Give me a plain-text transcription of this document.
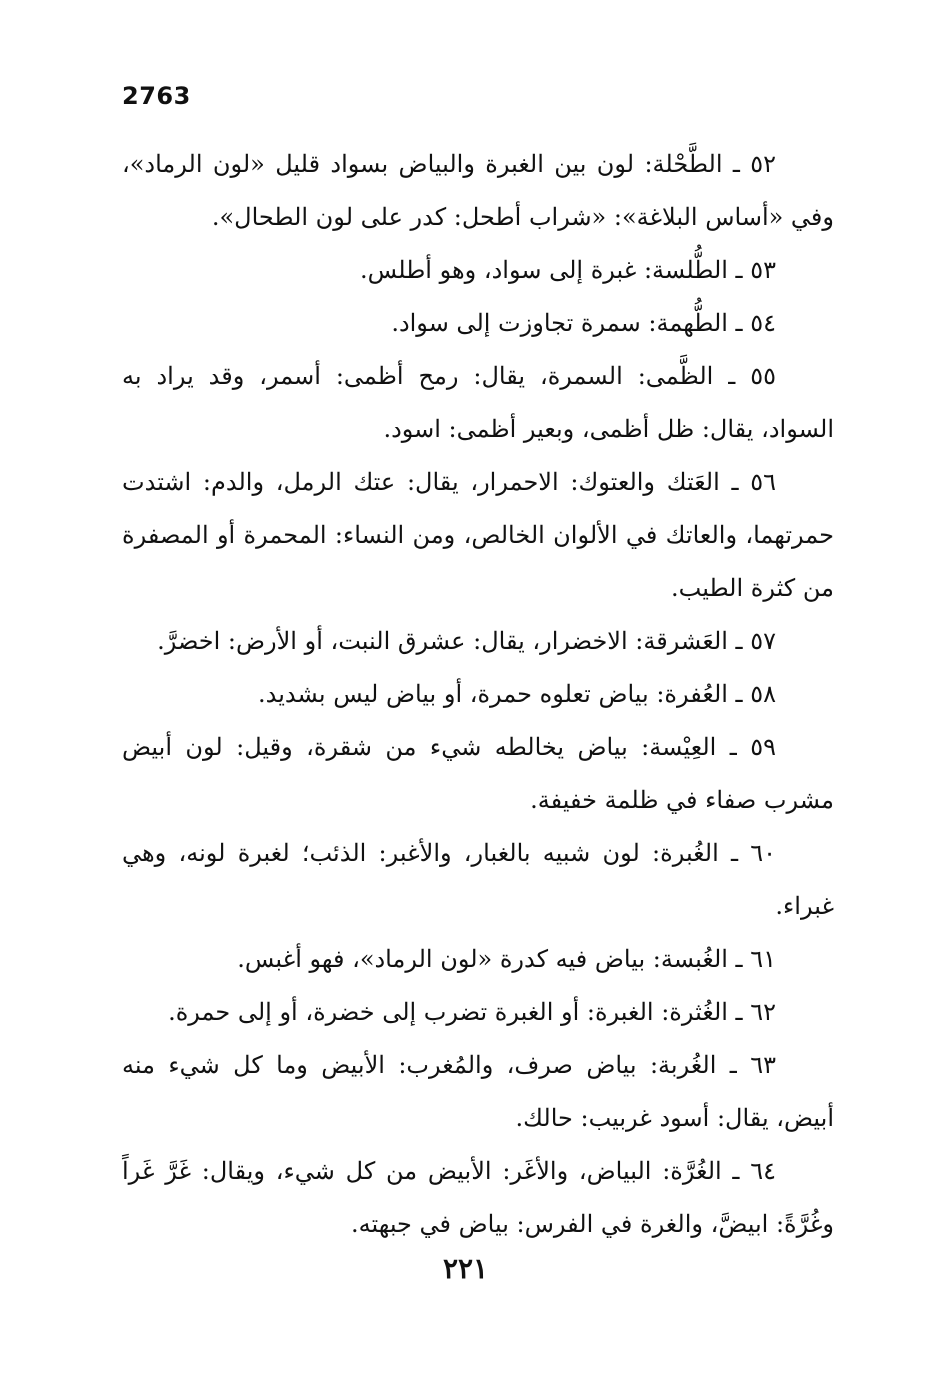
2763

٥٢ ـ الطَّحْلة: لون بين الغبرة والبياض بسواد قليل «لون الرماد»، وفي «أساس البلاغة»: «شراب أطحل: كدر على لون الطحال».

٥٣ ـ الطُّلسة: غبرة إلى سواد، وهو أطلس.

٥٤ ـ الطُّهمة: سمرة تجاوزت إلى سواد.

٥٥ ـ الظَّمى: السمرة، يقال: رمح أظمى: أسمر، وقد يراد به السواد، يقال: ظل أظمى، وبعير أظمى: اسود.

٥٦ ـ العَتك والعتوك: الاحمرار، يقال: عتك الرمل، والدم: اشتدت حمرتهما، والعاتك في الألوان الخالص، ومن النساء: المحمرة أو المصفرة من كثرة الطيب.

٥٧ ـ العَشرقة: الاخضرار، يقال: عشرق النبت، أو الأرض: اخضرَّ.

٥٨ ـ العُفرة: بياض تعلوه حمرة، أو بياض ليس بشديد.

٥٩ ـ العِيْسة: بياض يخالطه شيء من شقرة، وقيل: لون أبيض مشرب صفاء في ظلمة خفيفة.

٦٠ ـ الغُبرة: لون شبيه بالغبار، والأغبر: الذئب؛ لغبرة لونه، وهي غبراء.

٦١ ـ الغُبسة: بياض فيه كدرة «لون الرماد»، فهو أغبس.

٦٢ ـ الغُثرة: الغبرة: أو الغبرة تضرب إلى خضرة، أو إلى حمرة.

٦٣ ـ الغُربة: بياض صرف، والمُغرب: الأبيض وما كل شيء منه أبيض، يقال: أسود غربيب: حالك.

٦٤ ـ الغُرَّة: البياض، والأغَر: الأبيض من كل شيء، ويقال: غَرَّ غَراً وغُرَّةً: ابيضَّ، والغرة في الفرس: بياض في جبهته.

٢٢١
